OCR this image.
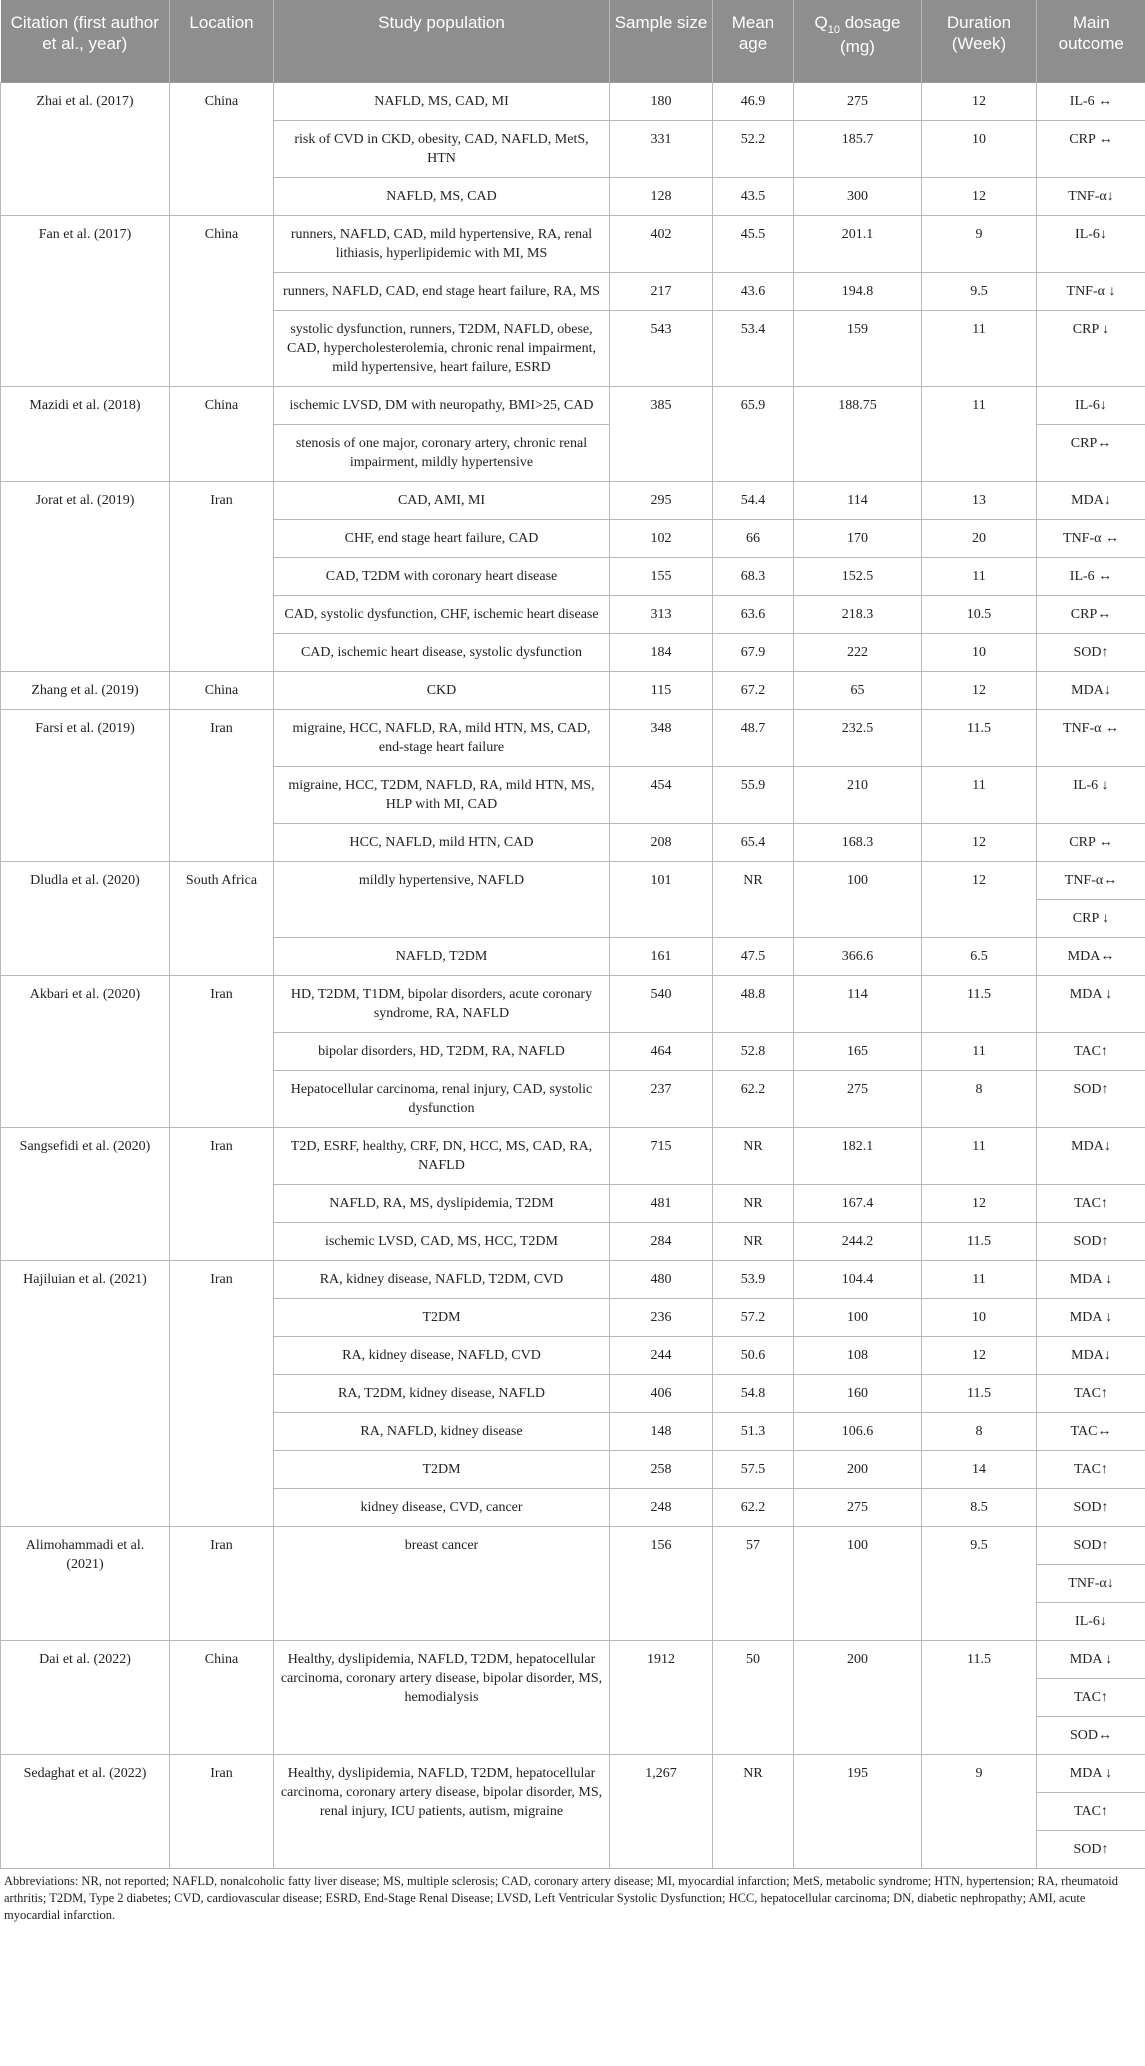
Citation (first author et al., year)	Location	Study population	Sample size	Mean age	$Q_{10}$ dosage (mg)	Duration (Week)	Main outcome
Zhai et al. (2017)	China	NAFLD, MS, CAD, MI	180	46.9	275	12	IL-6 ↔
		risk of CVD in CKD, obesity, CAD, NAFLD, MetS, HTN	331	52.2	185.7	10	CRP ↔
		NAFLD, MS, CAD	128	43.5	300	12	TNF-α↓
Fan et al. (2017)	China	runners, NAFLD, CAD, mild hypertensive, RA, renal lithiasis, hyperlipidemic with MI, MS	402	45.5	201.1	9	IL-6↓
		runners, NAFLD, CAD, end stage heart failure, RA, MS	217	43.6	194.8	9.5	TNF-α ↓
		systolic dysfunction, runners, T2DM, NAFLD, obese, CAD, hypercholesterolemia, chronic renal impairment, mild hypertensive, heart failure, ESRD	543	53.4	159	11	CRP ↓
Mazidi et al. (2018)	China	ischemic LVSD, DM with neuropathy, BMI>25, CAD	385	65.9	188.75	11	IL-6↓
		stenosis of one major, coronary artery, chronic renal impairment, mildly hypertensive					CRP↔
Jorat et al. (2019)	Iran	CAD, AMI, MI	295	54.4	114	13	MDA↓
		CHF, end stage heart failure, CAD	102	66	170	20	TNF-α ↔
		CAD, T2DM with coronary heart disease	155	68.3	152.5	11	IL-6 ↔
		CAD, systolic dysfunction, CHF, ischemic heart disease	313	63.6	218.3	10.5	CRP↔
		CAD, ischemic heart disease, systolic dysfunction	184	67.9	222	10	SOD↑
Zhang et al. (2019)	China	CKD	115	67.2	65	12	MDA↓
Farsi et al. (2019)	Iran	migraine, HCC, NAFLD, RA, mild HTN, MS, CAD, end-stage heart failure	348	48.7	232.5	11.5	TNF-α ↔
		migraine, HCC, T2DM, NAFLD, RA, mild HTN, MS, HLP with MI, CAD	454	55.9	210	11	IL-6 ↓
		HCC, NAFLD, mild HTN, CAD	208	65.4	168.3	12	CRP ↔
Dludla et al. (2020)	South Africa	mildly hypertensive, NAFLD	101	NR	100	12	TNF-α↔
							CRP ↓
		NAFLD, T2DM	161	47.5	366.6	6.5	MDA↔
Akbari et al. (2020)	Iran	HD, T2DM, T1DM, bipolar disorders, acute coronary syndrome, RA, NAFLD	540	48.8	114	11.5	MDA ↓
		bipolar disorders, HD, T2DM, RA, NAFLD	464	52.8	165	11	TAC↑
		Hepatocellular carcinoma, renal injury, CAD, systolic dysfunction	237	62.2	275	8	SOD↑
Sangsefidi et al. (2020)	Iran	T2D, ESRF, healthy, CRF, DN, HCC, MS, CAD, RA, NAFLD	715	NR	182.1	11	MDA↓
		NAFLD, RA, MS, dyslipidemia, T2DM	481	NR	167.4	12	TAC↑
		ischemic LVSD, CAD, MS, HCC, T2DM	284	NR	244.2	11.5	SOD↑
Hajiluian et al. (2021)	Iran	RA, kidney disease, NAFLD, T2DM, CVD	480	53.9	104.4	11	MDA ↓
		T2DM	236	57.2	100	10	MDA ↓
		RA, kidney disease, NAFLD, CVD	244	50.6	108	12	MDA↓
		RA, T2DM, kidney disease, NAFLD	406	54.8	160	11.5	TAC↑
		RA, NAFLD, kidney disease	148	51.3	106.6	8	TAC↔
		T2DM	258	57.5	200	14	TAC↑
		kidney disease, CVD, cancer	248	62.2	275	8.5	SOD↑
Alimohammadi et al. (2021)	Iran	breast cancer	156	57	100	9.5	SOD↑
							TNF-α↓
							IL-6↓
Dai et al. (2022)	China	Healthy, dyslipidemia, NAFLD, T2DM, hepatocellular carcinoma, coronary artery disease, bipolar disorder, MS, hemodialysis	1912	50	200	11.5	MDA ↓
							TAC↑
							SOD↔
Sedaghat et al. (2022)	Iran	Healthy, dyslipidemia, NAFLD, T2DM, hepatocellular carcinoma, coronary artery disease, bipolar disorder, MS, renal injury, ICU patients, autism, migraine	1,267	NR	195	9	MDA ↓
							TAC↑
							SOD↑
Abbreviations: NR, not reported; NAFLD, nonalcoholic fatty liver disease; MS, multiple sclerosis; CAD, coronary artery disease; MI, myocardial infarction; MetS, metabolic syndrome; HTN, hypertension; RA, rheumatoid arthritis; T2DM, Type 2 diabetes; CVD, cardiovascular disease; ESRD, End-Stage Renal Disease; LVSD, Left Ventricular Systolic Dysfunction; HCC, hepatocellular carcinoma; DN, diabetic nephropathy; AMI, acute myocardial infarction.
